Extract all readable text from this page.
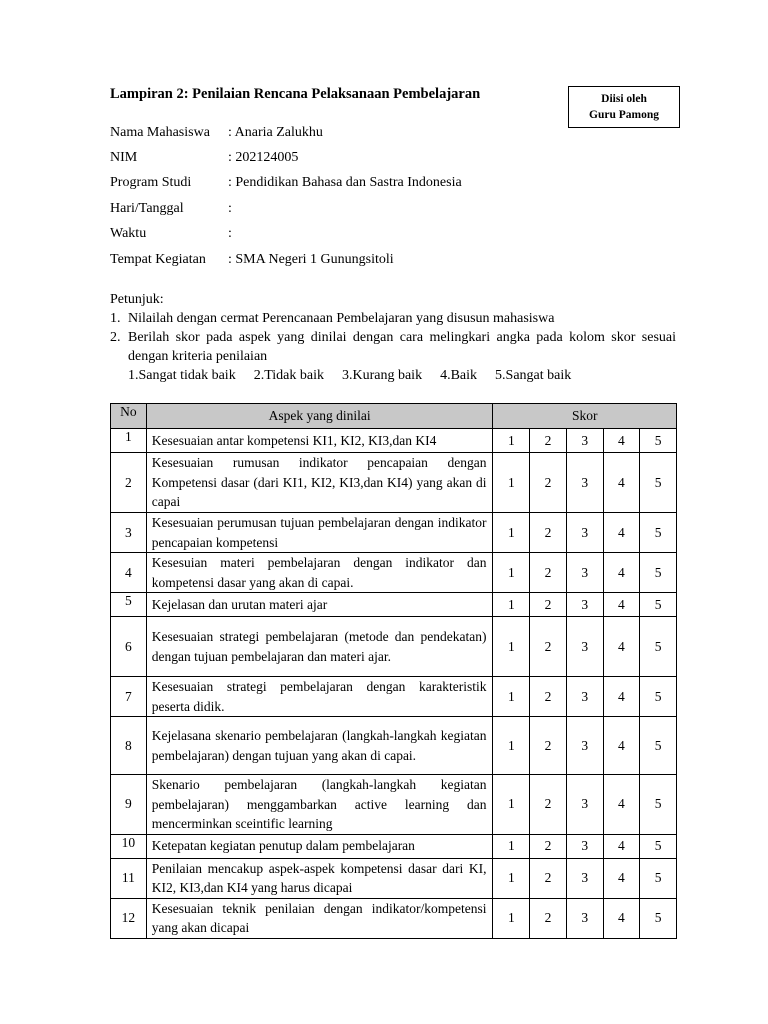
Lampiran 2: Penilaian Rencana Pelaksanaan Pembelajaran	Diisi oleh
Guru Pamong
Nama Mahasiswa	: Anaria Zalukhu
NIM	: 202124005
Program Studi	: Pendidikan Bahasa dan Sastra Indonesia
Hari/Tanggal	:
Waktu	:
Tempat Kegiatan	: SMA Negeri 1 Gunungsitoli
Petunjuk:
1. Nilailah dengan cermat Perencanaan Pembelajaran yang disusun mahasiswa
2. Berilah skor pada aspek yang dinilai dengan cara melingkari angka pada kolom skor sesuai dengan kriteria penilaian
1.Sangat tidak baik 2.Tidak baik 3.Kurang baik 4.Baik 5.Sangat baik
No	Aspek yang dinilai	Skor				
1	Kesesuaian antar kompetensi KI1, KI2, KI3,dan KI4	1	2	3	4	5
2	Kesesuaian rumusan indikator pencapaian dengan Kompetensi dasar (dari KI1, KI2, KI3,dan KI4) yang akan di capai	1	2	3	4	5
3	Kesesuaian perumusan tujuan pembelajaran dengan indikator pencapaian kompetensi	1	2	3	4	5
4	Kesesuian materi pembelajaran dengan indikator dan kompetensi dasar yang akan di capai.	1	2	3	4	5
5	Kejelasan dan urutan materi ajar	1	2	3	4	5
6	Kesesuaian strategi pembelajaran (metode dan pendekatan) dengan tujuan pembelajaran dan materi ajar.	1	2	3	4	5
7	Kesesuaian strategi pembelajaran dengan karakteristik peserta didik.	1	2	3	4	5
8	Kejelasana skenario pembelajaran (langkah-langkah kegiatan pembelajaran) dengan tujuan yang akan di capai.	1	2	3	4	5
9	Skenario pembelajaran (langkah-langkah kegiatan pembelajaran) menggambarkan active learning dan mencerminkan sceintific learning	1	2	3	4	5
10	Ketepatan kegiatan penutup dalam pembelajaran	1	2	3	4	5
11	Penilaian mencakup aspek-aspek kompetensi dasar dari KI, KI2, KI3,dan KI4 yang harus dicapai	1	2	3	4	5
12	Kesesuaian teknik penilaian dengan indikator/kompetensi yang akan dicapai	1	2	3	4	5
